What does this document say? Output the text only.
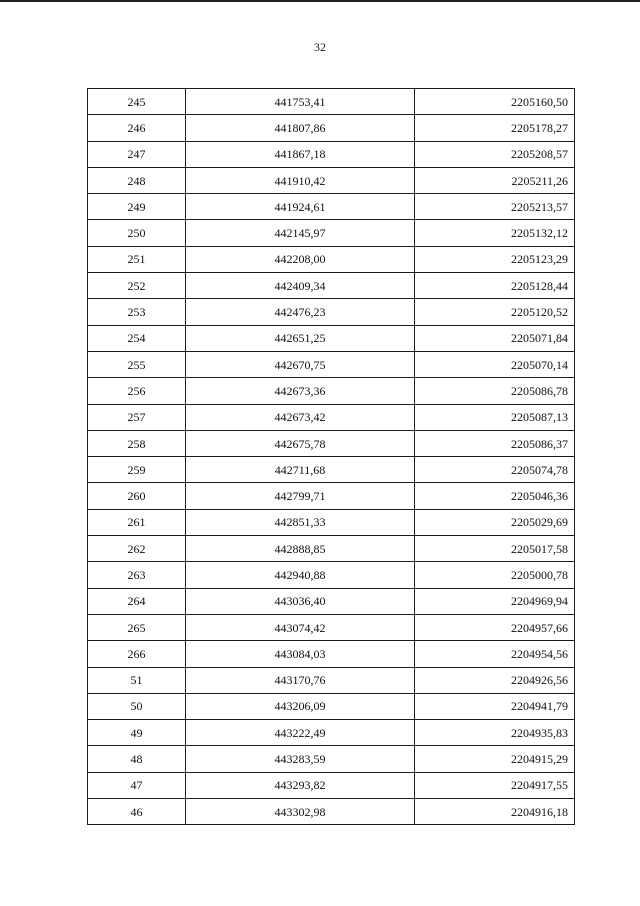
32
245	441753,41	2205160,50
246	441807,86	2205178,27
247	441867,18	2205208,57
248	441910,42	2205211,26
249	441924,61	2205213,57
250	442145,97	2205132,12
251	442208,00	2205123,29
252	442409,34	2205128,44
253	442476,23	2205120,52
254	442651,25	2205071,84
255	442670,75	2205070,14
256	442673,36	2205086,78
257	442673,42	2205087,13
258	442675,78	2205086,37
259	442711,68	2205074,78
260	442799,71	2205046,36
261	442851,33	2205029,69
262	442888,85	2205017,58
263	442940,88	2205000,78
264	443036,40	2204969,94
265	443074,42	2204957,66
266	443084,03	2204954,56
51	443170,76	2204926,56
50	443206,09	2204941,79
49	443222,49	2204935,83
48	443283,59	2204915,29
47	443293,82	2204917,55
46	443302,98	2204916,18
